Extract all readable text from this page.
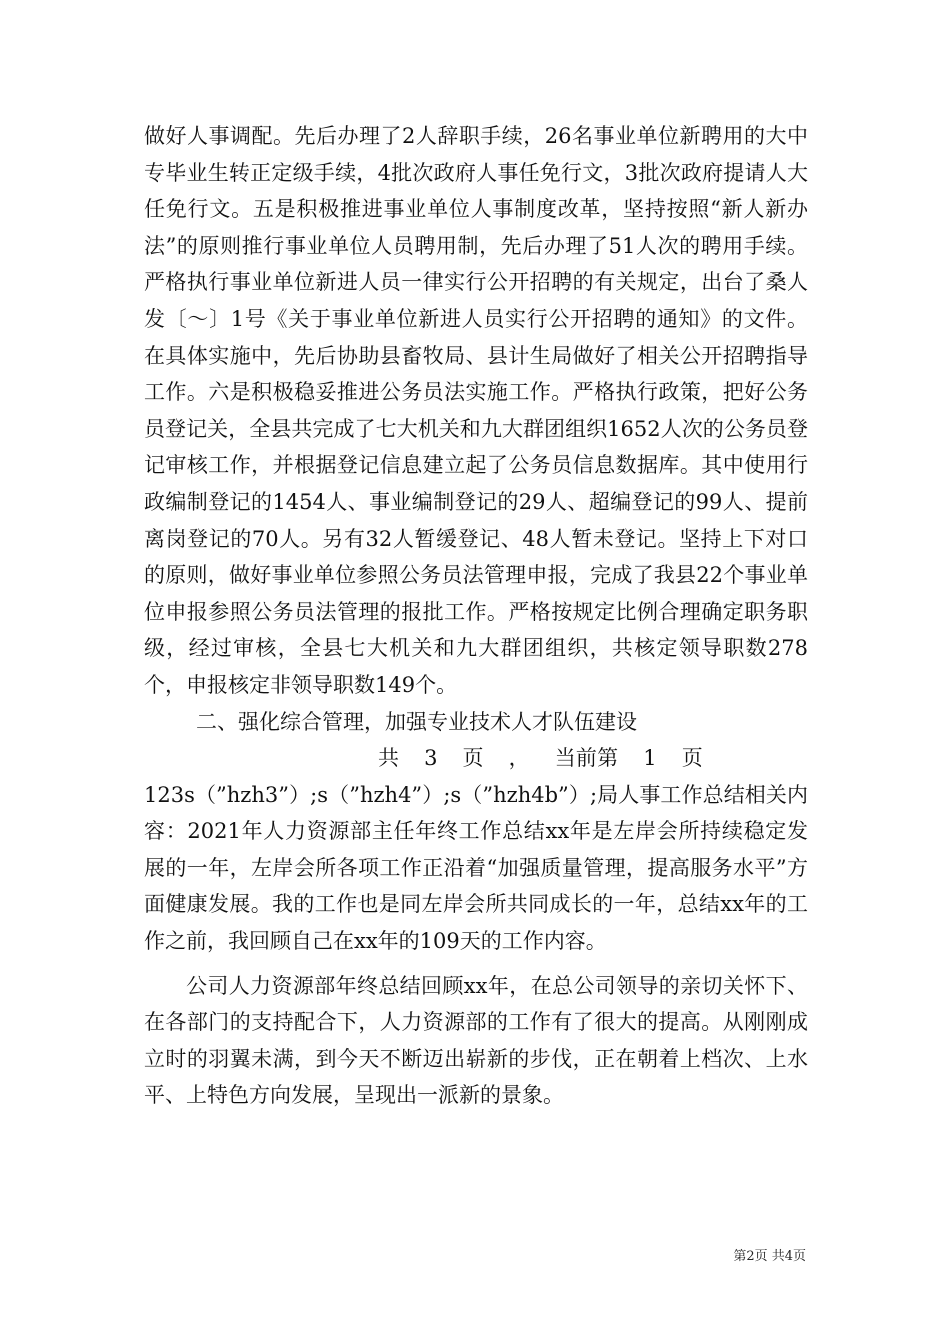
做好人事调配。先后办理了2人辞职手续，26名事业单位新聘用的大中专毕业生转正定级手续，4批次政府人事任免行文，3批次政府提请人大任免行文。五是积极推进事业单位人事制度改革，坚持按照“新人新办法”的原则推行事业单位人员聘用制，先后办理了51人次的聘用手续。严格执行事业单位新进人员一律实行公开招聘的有关规定，出台了桑人发〔～〕1号《关于事业单位新进人员实行公开招聘的通知》的文件。在具体实施中，先后协助县畜牧局、县计生局做好了相关公开招聘指导工作。六是积极稳妥推进公务员法实施工作。严格执行政策，把好公务员登记关，全县共完成了七大机关和九大群团组织1652人次的公务员登记审核工作，并根据登记信息建立起了公务员信息数据库。其中使用行政编制登记的1454人、事业编制登记的29人、超编登记的99人、提前离岗登记的70人。另有32人暂缓登记、48人暂未登记。坚持上下对口的原则，做好事业单位参照公务员法管理申报，完成了我县22个事业单位申报参照公务员法管理的报批工作。严格按规定比例合理确定职务职级，经过审核，全县七大机关和九大群团组织，共核定领导职数278个，申报核定非领导职数149个。

二、强化综合管理，加强专业技术人才队伍建设

共 3 页 ， 当前第 1 页

123s（”hzh3”）;s（”hzh4”）;s（”hzh4b”）;局人事工作总结相关内容：2021年人力资源部主任年终工作总结xx年是左岸会所持续稳定发展的一年，左岸会所各项工作正沿着“加强质量管理，提高服务水平”方面健康发展。我的工作也是同左岸会所共同成长的一年，总结xx年的工作之前，我回顾自己在xx年的109天的工作内容。

公司人力资源部年终总结回顾xx年，在总公司领导的亲切关怀下、在各部门的支持配合下，人力资源部的工作有了很大的提高。从刚刚成立时的羽翼未满，到今天不断迈出崭新的步伐，正在朝着上档次、上水平、上特色方向发展，呈现出一派新的景象。

第2页 共4页
